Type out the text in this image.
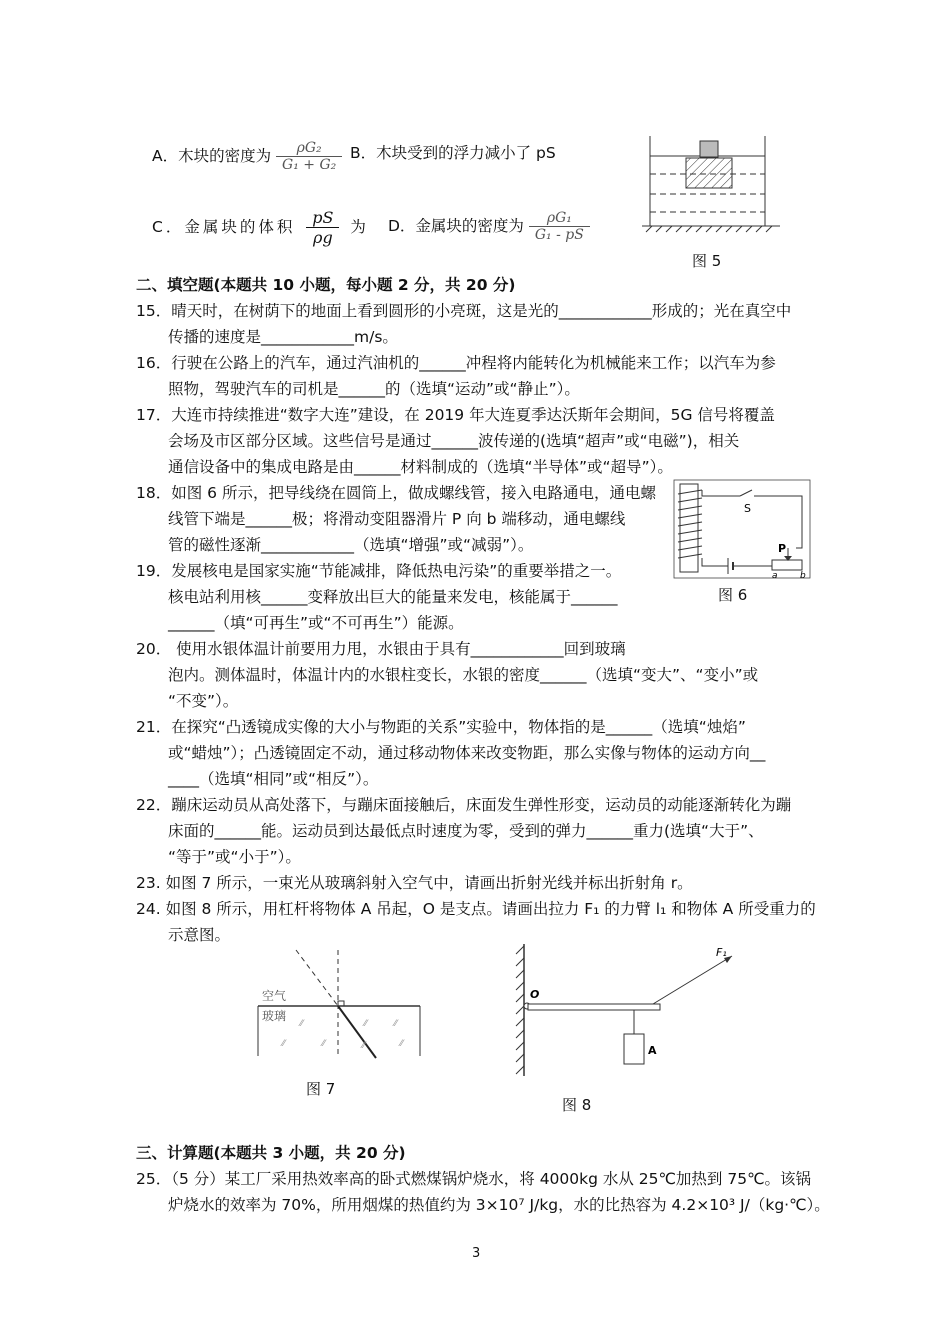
A．木块的密度为 $\frac{\text{ρG₂}}{\text{G₁ + G₂}}$ B．木块受到的浮力减小了 pS
C．金属块的体积 $\frac{pS}{\rho g}$ 为 D．金属块的密度为 $\frac{\text{ρG₁}}{\text{G₁ - pS}}$
图 5
二、填空题(本题共 10 小题，每小题 2 分，共 20 分)
15．晴天时，在树荫下的地面上看到圆形的小亮斑，这是光的____________形成的；光在真空中
传播的速度是____________m/s。
16．行驶在公路上的汽车，通过汽油机的______冲程将内能转化为机械能来工作；以汽车为参
照物，驾驶汽车的司机是______的（选填“运动”或“静止”）。
17．大连市持续推进“数字大连”建设，在 2019 年大连夏季达沃斯年会期间，5G 信号将覆盖
会场及市区部分区域。这些信号是通过______波传递的(选填“超声”或“电磁”)，相关
通信设备中的集成电路是由______材料制成的（选填“半导体”或“超导”）。
18．如图 6 所示，把导线绕在圆筒上，做成螺线管，接入电路通电，通电螺
线管下端是______极；将滑动变阻器滑片 P 向 b 端移动，通电螺线
管的磁性逐渐____________（选填“增强”或“减弱”）。
19．发展核电是国家实施“节能减排，降低热电污染”的重要举措之一。
核电站利用核______变释放出巨大的能量来发电，核能属于______
______（填“可再生”或“不可再生”）能源。
20． 使用水银体温计前要用力甩，水银由于具有____________回到玻璃
泡内。测体温时，体温计内的水银柱变长，水银的密度______（选填“变大”、“变小”或
“不变”）。
21．在探究“凸透镜成实像的大小与物距的关系”实验中，物体指的是______（选填“烛焰”
或“蜡烛”）；凸透镜固定不动，通过移动物体来改变物距，那么实像与物体的运动方向__
____（选填“相同”或“相反”）。
22．蹦床运动员从高处落下，与蹦床面接触后，床面发生弹性形变，运动员的动能逐渐转化为蹦
床面的______能。运动员到达最低点时速度为零，受到的弹力______重力(选填“大于”、
“等于”或“小于”）。
23. 如图 7 所示，一束光从玻璃斜射入空气中，请画出折射光线并标出折射角 r。
24. 如图 8 所示，用杠杆将物体 A 吊起，O 是支点。请画出拉力 F₁ 的力臂 l₁ 和物体 A 所受重力的
示意图。
S
P
a b
图 6
空气
玻璃
⁄⁄	⁄⁄	⁄⁄
⁄⁄	⁄⁄	⁄⁄	⁄⁄
图 7
F₁
O
A
图 8
三、计算题(本题共 3 小题，共 20 分)
25．（5 分）某工厂采用热效率高的卧式燃煤锅炉烧水，将 4000kg 水从 25℃加热到 75℃。该锅
炉烧水的效率为 70%，所用烟煤的热值约为 3×10⁷ J/kg，水的比热容为 4.2×10³ J/（kg·℃）。
3
